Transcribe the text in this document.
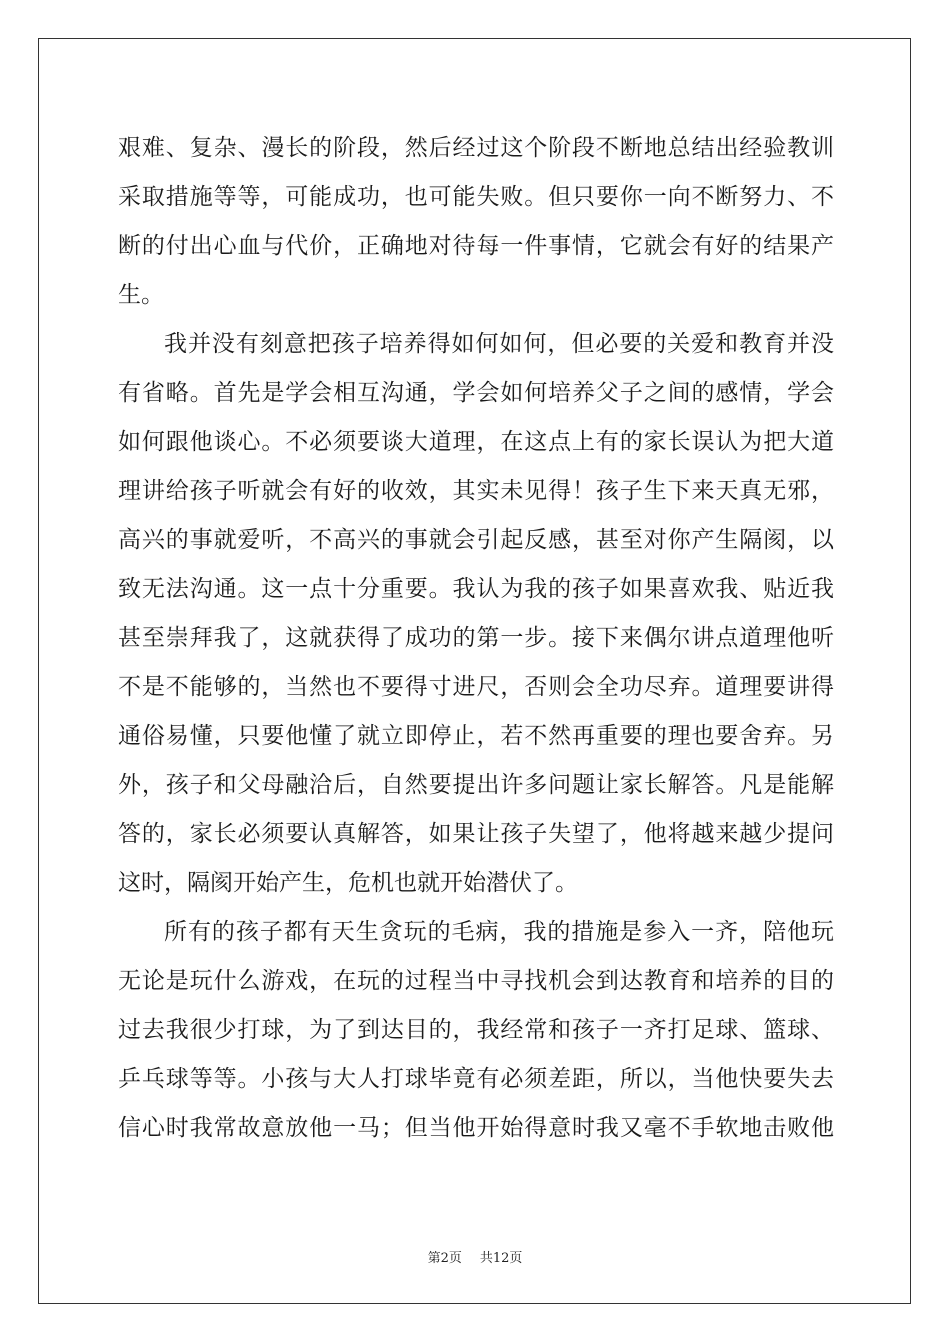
艰难、复杂、漫长的阶段，然后经过这个阶段不断地总结出经验教训
采取措施等等，可能成功，也可能失败。但只要你一向不断努力、不
断的付出心血与代价，正确地对待每一件事情，它就会有好的结果产
生。
我并没有刻意把孩子培养得如何如何，但必要的关爱和教育并没
有省略。首先是学会相互沟通，学会如何培养父子之间的感情，学会
如何跟他谈心。不必须要谈大道理，在这点上有的家长误认为把大道
理讲给孩子听就会有好的收效，其实未见得！孩子生下来天真无邪，
高兴的事就爱听，不高兴的事就会引起反感，甚至对你产生隔阂，以
致无法沟通。这一点十分重要。我认为我的孩子如果喜欢我、贴近我
甚至崇拜我了，这就获得了成功的第一步。接下来偶尔讲点道理他听
不是不能够的，当然也不要得寸进尺，否则会全功尽弃。道理要讲得
通俗易懂，只要他懂了就立即停止，若不然再重要的理也要舍弃。另
外，孩子和父母融洽后，自然要提出许多问题让家长解答。凡是能解
答的，家长必须要认真解答，如果让孩子失望了，他将越来越少提问
这时，隔阂开始产生，危机也就开始潜伏了。
所有的孩子都有天生贪玩的毛病，我的措施是参入一齐，陪他玩
无论是玩什么游戏，在玩的过程当中寻找机会到达教育和培养的目的
过去我很少打球，为了到达目的，我经常和孩子一齐打足球、篮球、
乒乓球等等。小孩与大人打球毕竟有必须差距，所以，当他快要失去
信心时我常故意放他一马；但当他开始得意时我又毫不手软地击败他
第2页 共12页
